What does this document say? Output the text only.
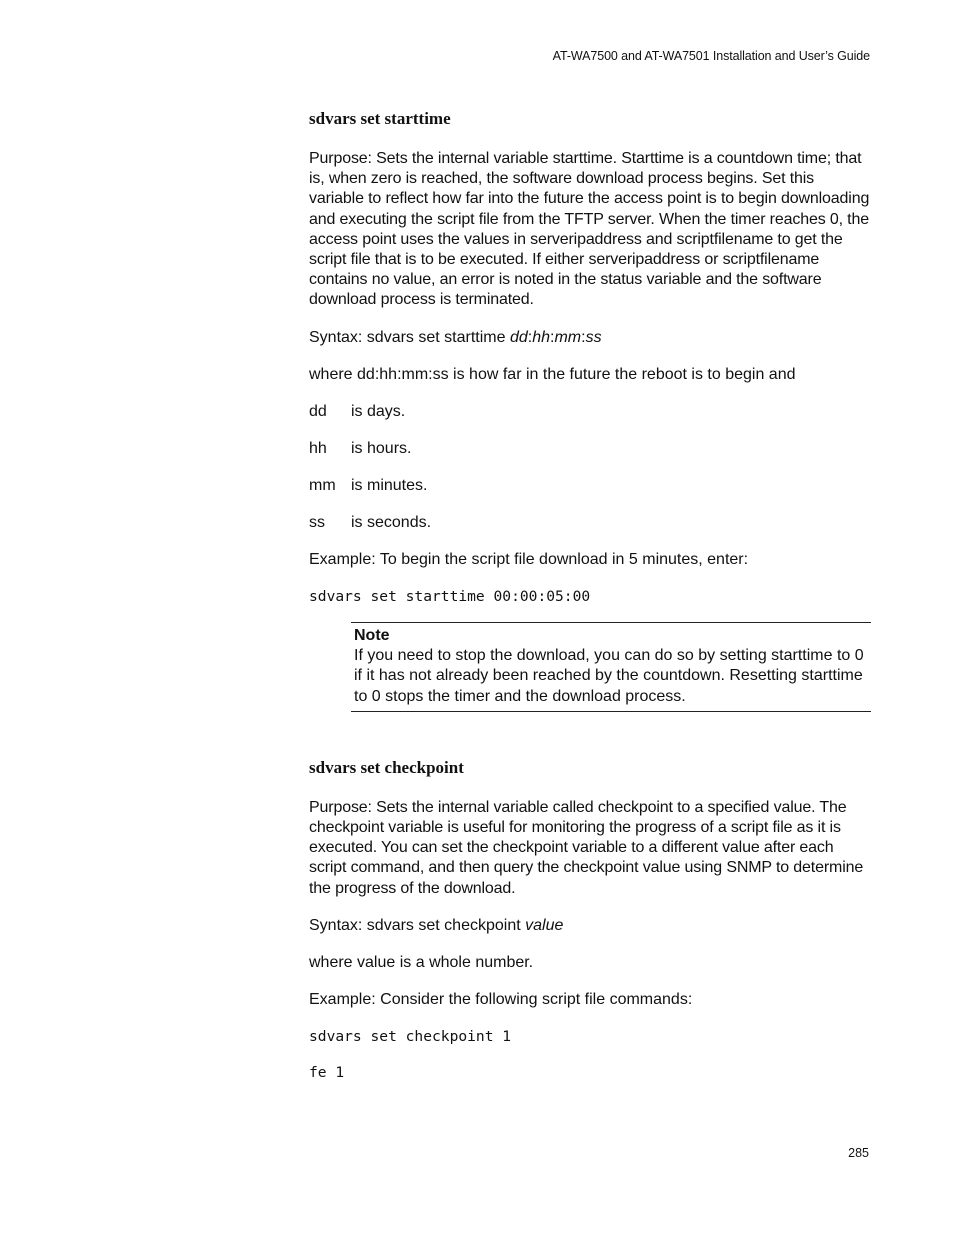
AT-WA7500 and AT-WA7501 Installation and User’s Guide
sdvars set starttime

Purpose: Sets the internal variable starttime. Starttime is a countdown time; that is, when zero is reached, the software download process begins. Set this variable to reflect how far into the future the access point is to begin downloading and executing the script file from the TFTP server. When the timer reaches 0, the access point uses the values in serveripaddress and scriptfilename to get the script file that is to be executed. If either serveripaddress or scriptfilename contains no value, an error is noted in the status variable and the software download process is terminated.

Syntax: sdvars set starttime dd:hh:mm:ss

where dd:hh:mm:ss is how far in the future the reboot is to begin and

dd	is days.
hh	is hours.
mm is minutes.
ss	is seconds.

Example: To begin the script file download in 5 minutes, enter:

sdvars set starttime 00:00:05:00

Note
If you need to stop the download, you can do so by setting starttime to 0 if it has not already been reached by the countdown. Resetting starttime to 0 stops the timer and the download process.
sdvars set checkpoint

Purpose: Sets the internal variable called checkpoint to a specified value. The checkpoint variable is useful for monitoring the progress of a script file as it is executed. You can set the checkpoint variable to a different value after each script command, and then query the checkpoint value using SNMP to determine the progress of the download.

Syntax: sdvars set checkpoint value

where value is a whole number.

Example: Consider the following script file commands:

sdvars set checkpoint 1

fe 1

285
